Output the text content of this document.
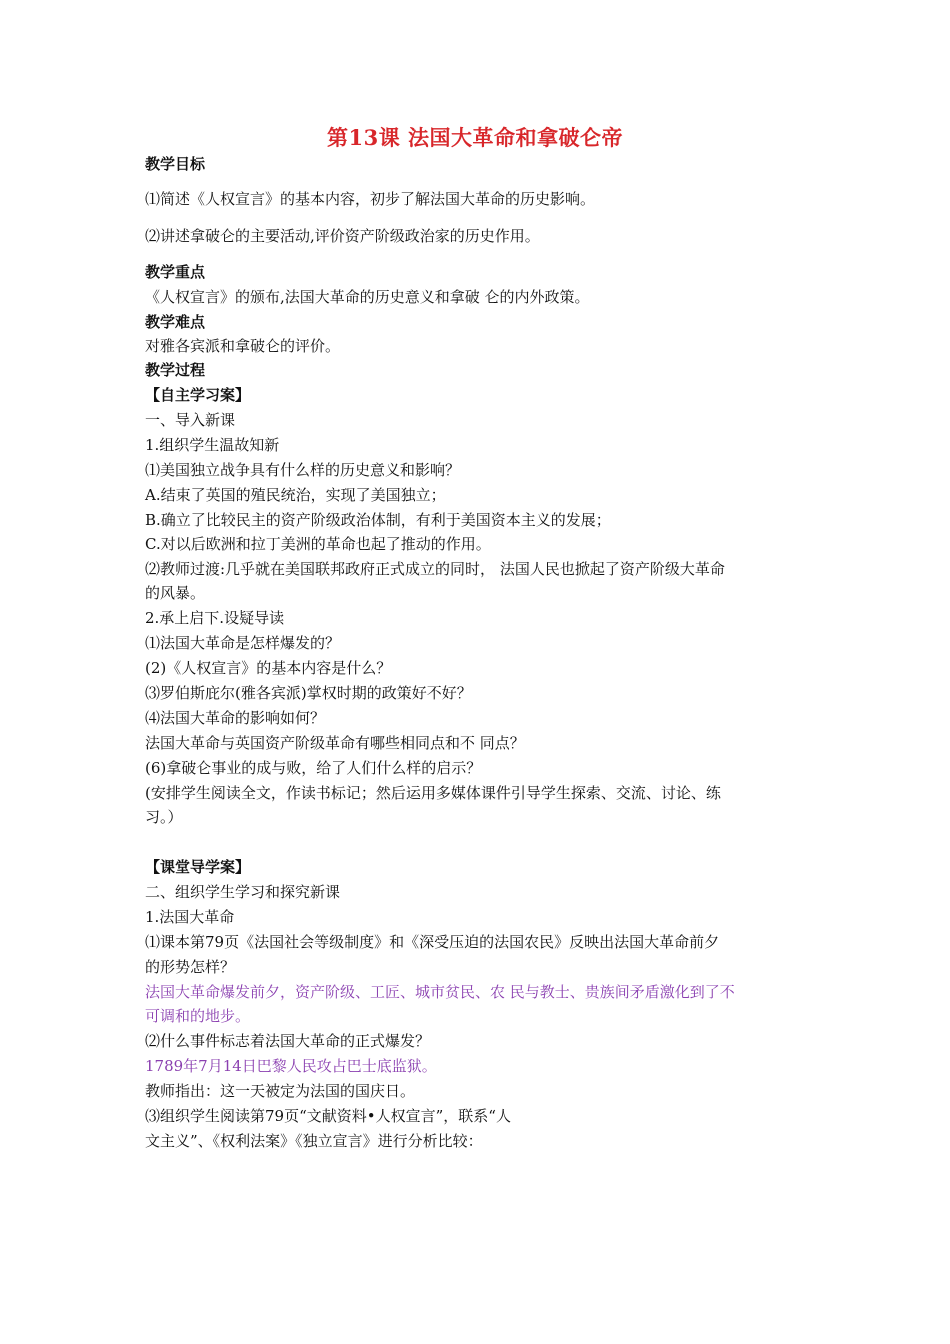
第13课 法国大革命和拿破仑帝
教学目标
⑴简述《人权宣言》的基本内容，初步了解法国大革命的历史影响。
⑵讲述拿破仑的主要活动,评价资产阶级政治家的历史作用。
教学重点
《人权宣言》的颁布,法国大革命的历史意义和拿破 仑的内外政策。
教学难点
对雅各宾派和拿破仑的评价。
教学过程
【自主学习案】
一、导入新课
1.组织学生温故知新
⑴美国独立战争具有什么样的历史意义和影响？
A.结束了英国的殖民统治，实现了美国独立；
B.确立了比较民主的资产阶级政治体制，有利于美国资本主义的发展；
C.对以后欧洲和拉丁美洲的革命也起了推动的作用。
⑵教师过渡:几乎就在美国联邦政府正式成立的同时， 法国人民也掀起了资产阶级大革命
的风暴。
2.承上启下.设疑导读
⑴法国大革命是怎样爆发的？
(2)《人权宣言》的基本内容是什么？
⑶罗伯斯庇尔(雅各宾派)掌权时期的政策好不好？
⑷法国大革命的影响如何？
法国大革命与英国资产阶级革命有哪些相同点和不 同点？
(6)拿破仑事业的成与败，给了人们什么样的启示？
(安排学生阅读全文，作读书标记；然后运用多媒体课件引导学生探索、交流、讨论、练
习。）
【课堂导学案】
二、组织学生学习和探究新课
1.法国大革命
⑴课本第79页《法国社会等级制度》和《深受压迫的法国农民》反映出法国大革命前夕
的形势怎样？
法国大革命爆发前夕，资产阶级、工匠、城市贫民、农 民与教士、贵族间矛盾激化到了不
可调和的地步。
⑵什么事件标志着法国大革命的正式爆发？
1789年7月14日巴黎人民攻占巴士底监狱。
教师指出：这一天被定为法国的国庆日。
⑶组织学生阅读第79页“文献资料•人权宣言”，联系“人
文主义”、《权利法案》《独立宣言》进行分析比较：
